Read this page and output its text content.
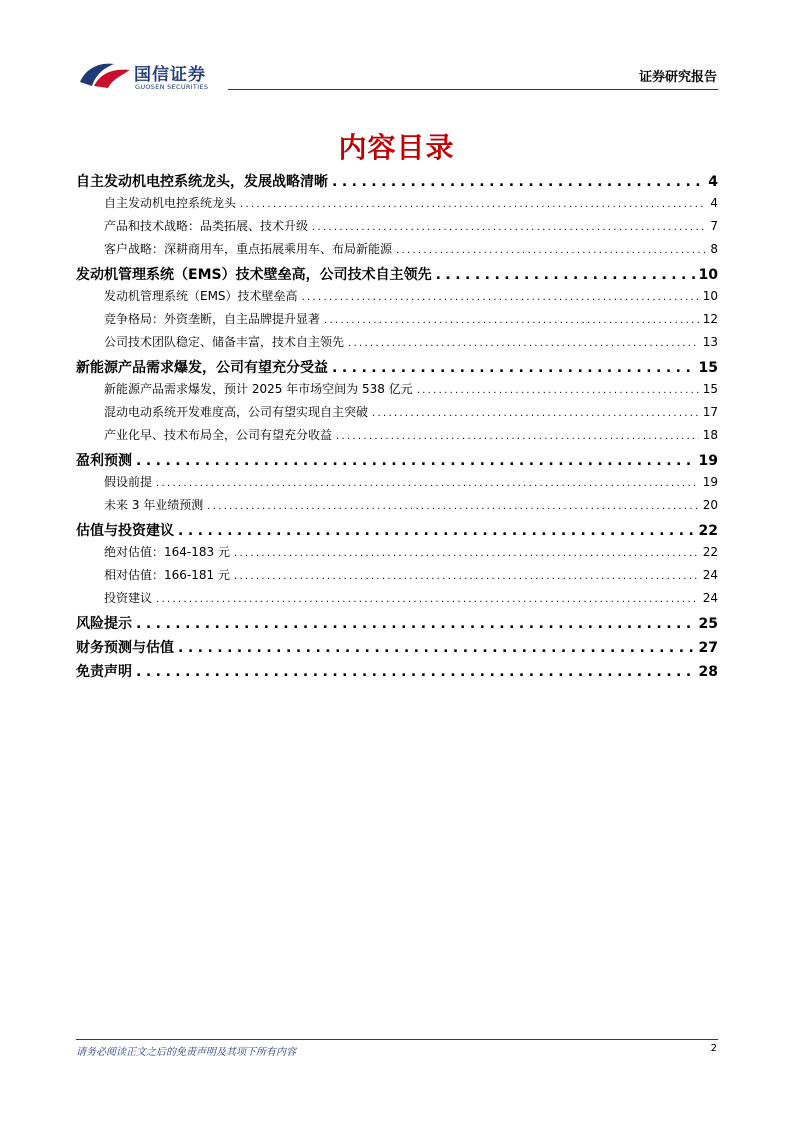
国信证券
GUOSEN SECURITIES
证券研究报告
内容目录
自主发动机电控系统龙头，发展战略清晰 .....	4
自主发动机电控系统龙头 .....	4
产品和技术战略：品类拓展、技术升级 .....	7
客户战略：深耕商用车，重点拓展乘用车、布局新能源 .....	8
发动机管理系统（EMS）技术壁垒高，公司技术自主领先 .....	10
发动机管理系统（EMS）技术壁垒高 .....	10
竞争格局：外资垄断，自主品牌提升显著 .....	12
公司技术团队稳定、储备丰富，技术自主领先 .....	13
新能源产品需求爆发，公司有望充分受益 .....	15
新能源产品需求爆发，预计 2025 年市场空间为 538 亿元 .....	15
混动电动系统开发难度高，公司有望实现自主突破 .....	17
产业化早、技术布局全，公司有望充分收益 .....	18
盈利预测 .....	19
假设前提 .....	19
未来 3 年业绩预测 .....	20
估值与投资建议 .....	22
绝对估值：164-183 元 .....	22
相对估值：166-181 元 .....	24
投资建议 .....	24
风险提示 .....	25
财务预测与估值 .....	27
免责声明 .....	28
请务必阅读正文之后的免责声明及其项下所有内容	2
